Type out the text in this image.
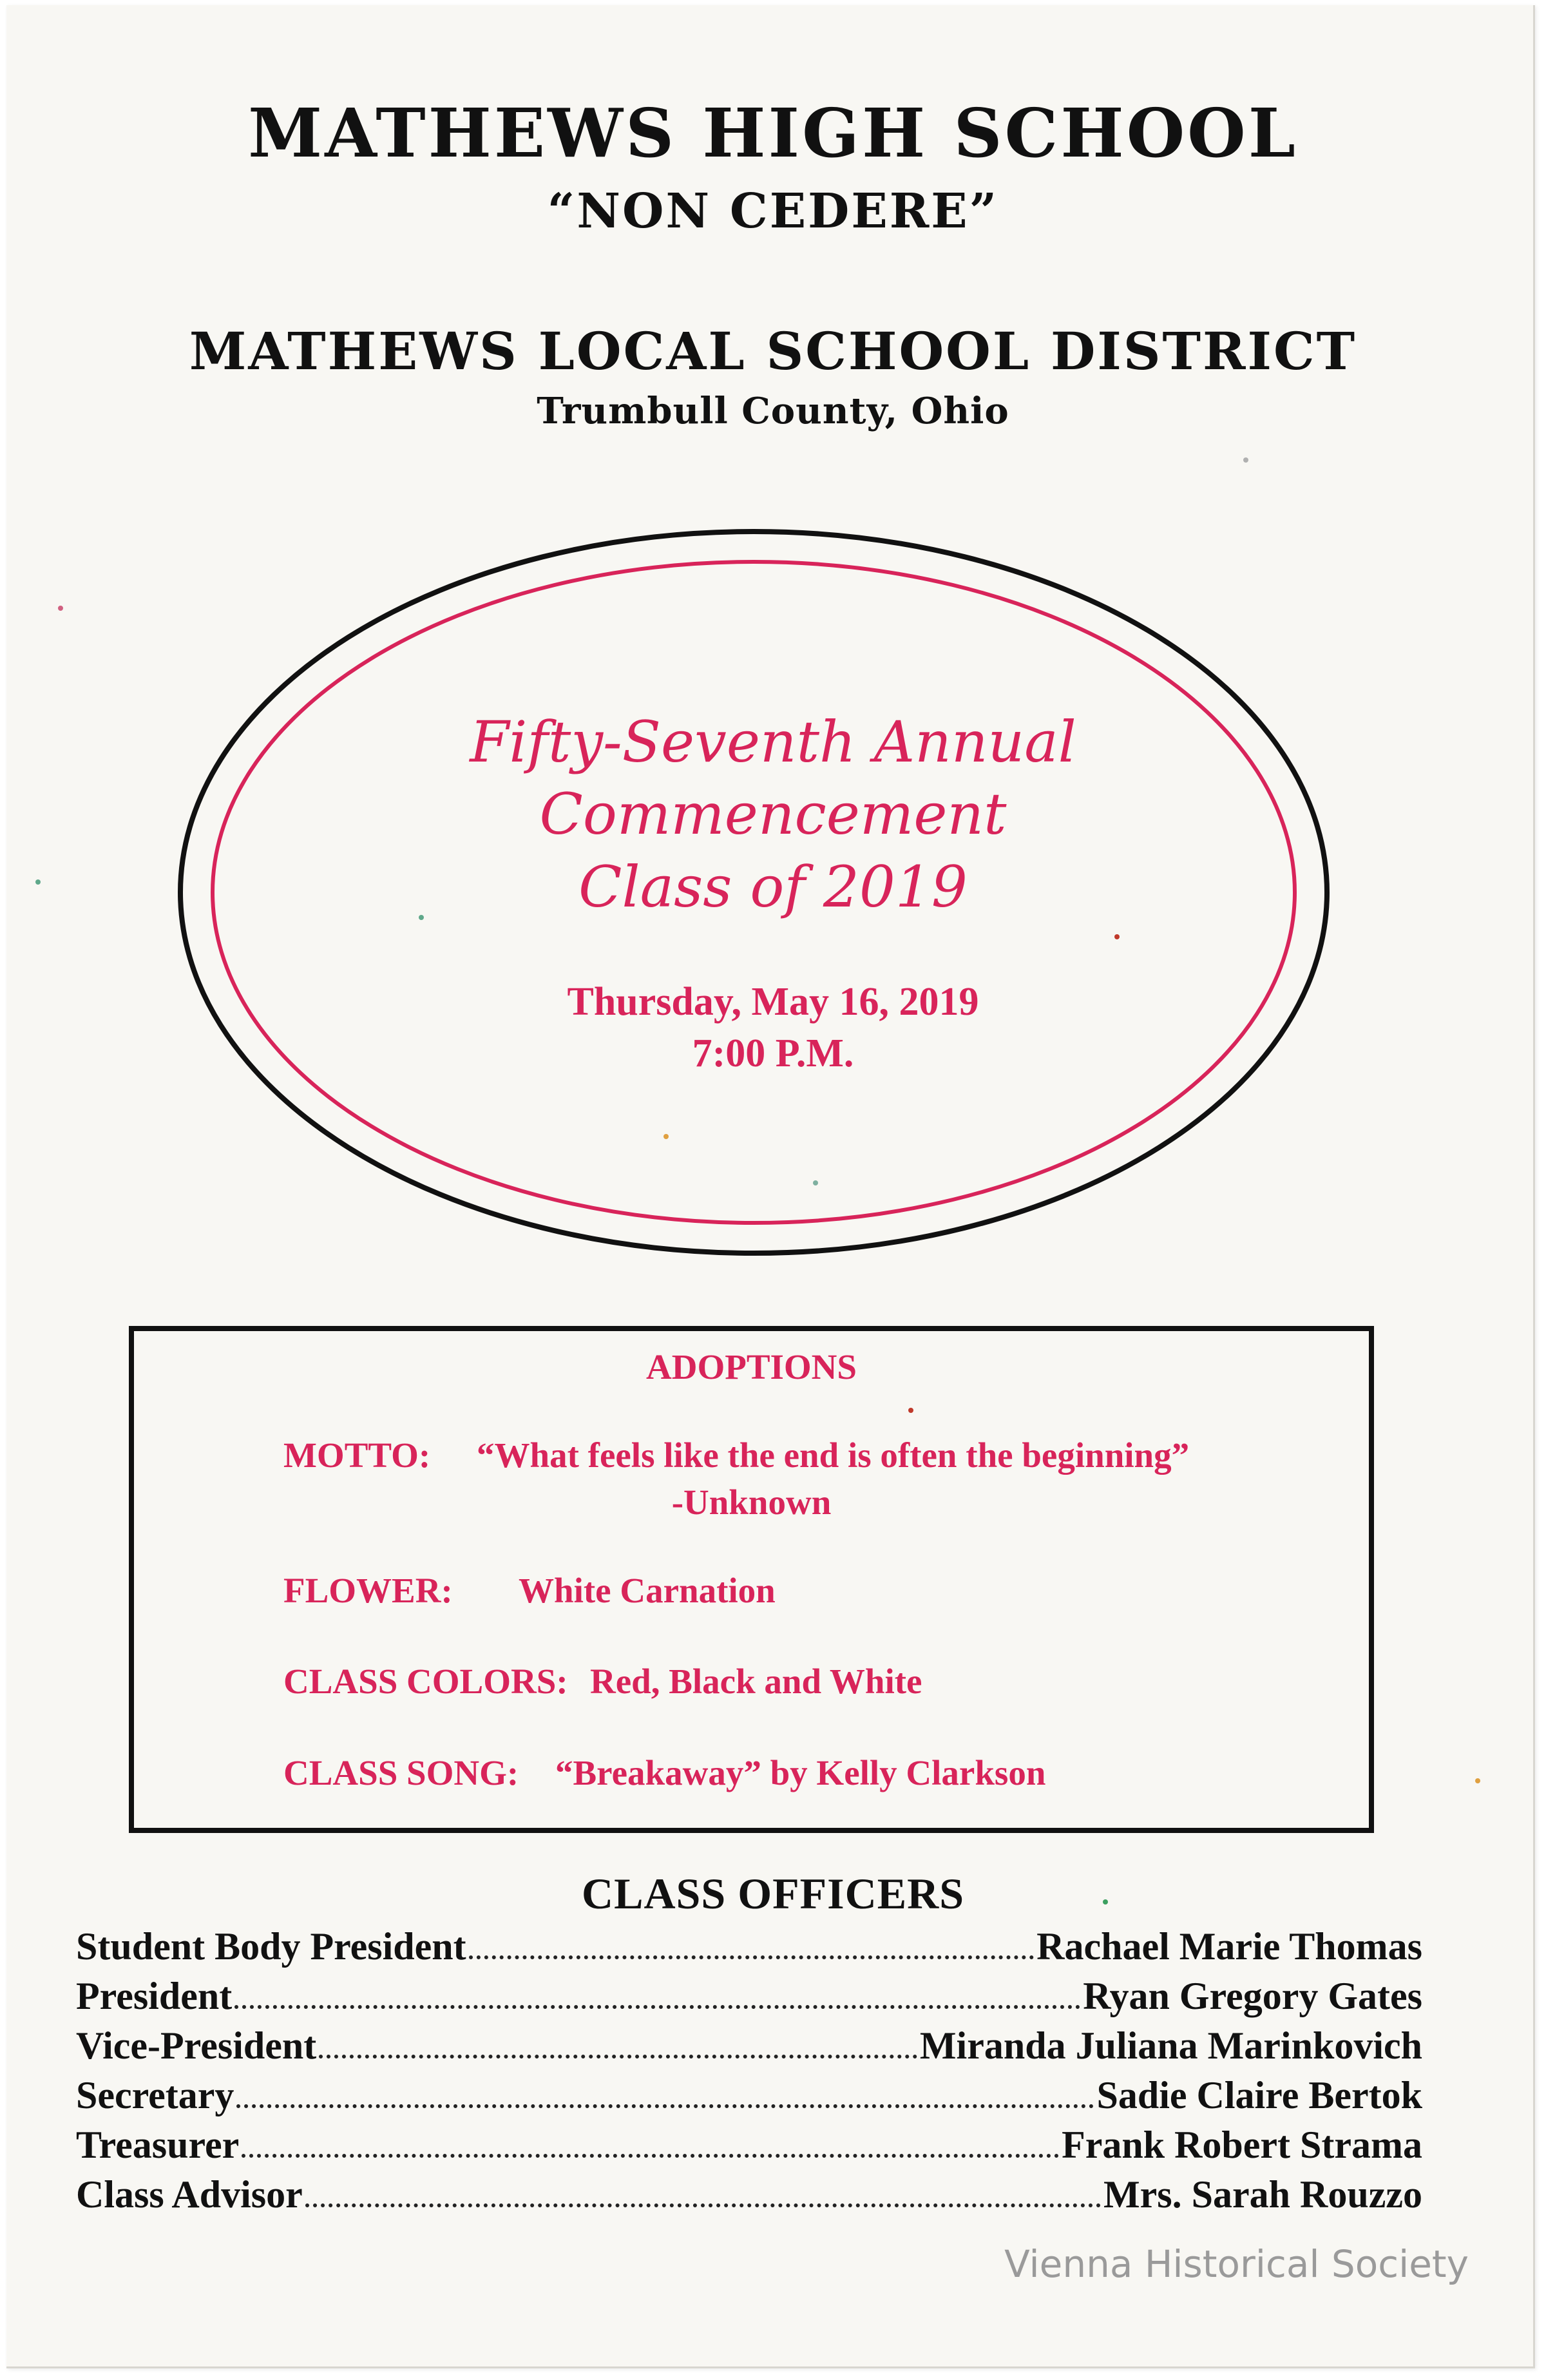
MATHEWS HIGH SCHOOL
“NON CEDERE”
MATHEWS LOCAL SCHOOL DISTRICT
Trumbull County, Ohio
Fifty-Seventh Annual
Commencement
Class of 2019
Thursday, May 16, 2019
7:00 P.M.
ADOPTIONS
MOTTO: “What feels like the end is often the beginning”
-Unknown
FLOWER: White Carnation
CLASS COLORS: Red, Black and White
CLASS SONG: “Breakaway” by Kelly Clarkson
CLASS OFFICERS
Student Body President	Rachael Marie Thomas
President	Ryan Gregory Gates
Vice-President	Miranda Juliana Marinkovich
Secretary	Sadie Claire Bertok
Treasurer	Frank Robert Strama
Class Advisor	Mrs. Sarah Rouzzo
Vienna Historical Society
